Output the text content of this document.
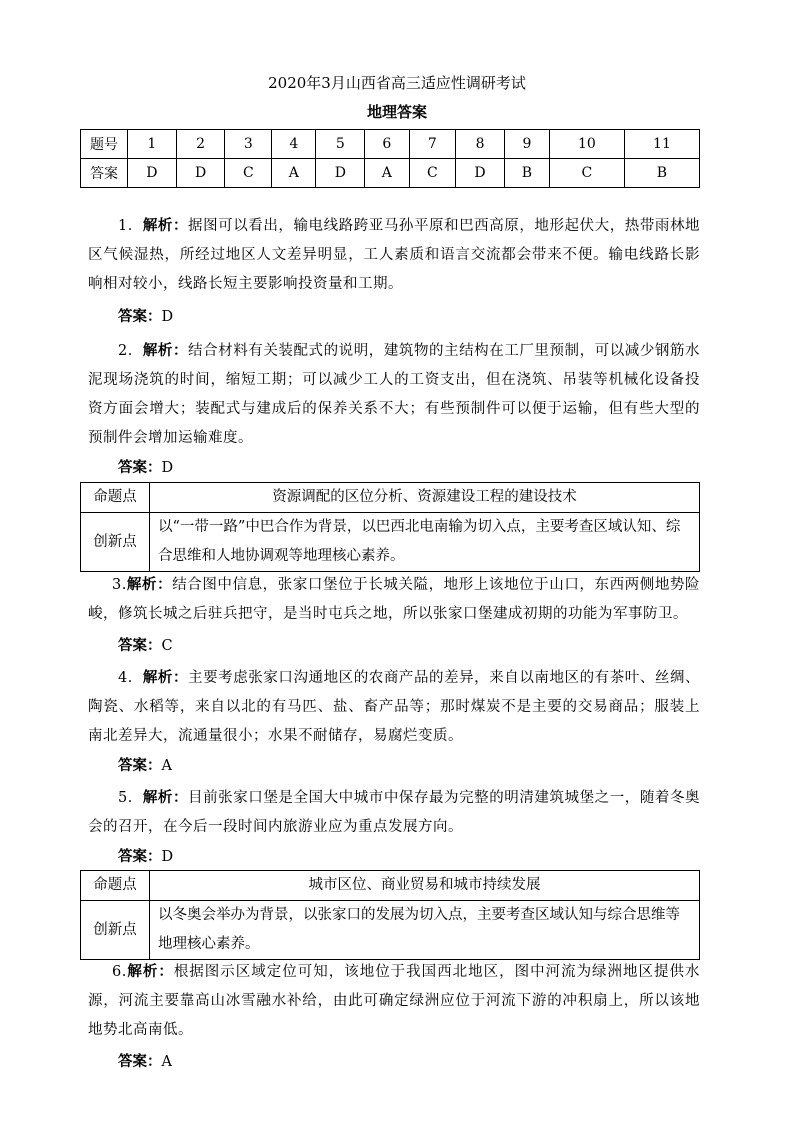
2020年3月山西省高三适应性调研考试
地理答案
题号	1	2	3	4	5	6	7	8	9	10	11
答案	D	D	C	A	D	A	C	D	B	C	B
1．解析：据图可以看出，输电线路跨亚马孙平原和巴西高原，地形起伏大，热带雨林地区气候湿热，所经过地区人文差异明显，工人素质和语言交流都会带来不便。输电线路长影响相对较小，线路长短主要影响投资量和工期。
答案：D
2．解析：结合材料有关装配式的说明，建筑物的主结构在工厂里预制，可以减少钢筋水泥现场浇筑的时间，缩短工期；可以减少工人的工资支出，但在浇筑、吊装等机械化设备投资方面会增大；装配式与建成后的保养关系不大；有些预制件可以便于运输，但有些大型的预制件会增加运输难度。
答案：D
命题点	资源调配的区位分析、资源建设工程的建设技术
创新点	以“一带一路”中巴合作为背景，以巴西北电南输为切入点，主要考查区域认知、综合思维和人地协调观等地理核心素养。
3.解析：结合图中信息，张家口堡位于长城关隘，地形上该地位于山口，东西两侧地势险峻，修筑长城之后驻兵把守，是当时屯兵之地，所以张家口堡建成初期的功能为军事防卫。
答案：C
4．解析：主要考虑张家口沟通地区的农商产品的差异，来自以南地区的有茶叶、丝绸、陶瓷、水稻等，来自以北的有马匹、盐、畜产品等；那时煤炭不是主要的交易商品；服装上南北差异大，流通量很小；水果不耐储存，易腐烂变质。
答案：A
5．解析：目前张家口堡是全国大中城市中保存最为完整的明清建筑城堡之一，随着冬奥会的召开，在今后一段时间内旅游业应为重点发展方向。
答案：D
命题点	城市区位、商业贸易和城市持续发展
创新点	以冬奥会举办为背景，以张家口的发展为切入点，主要考查区域认知与综合思维等地理核心素养。
6.解析：根据图示区域定位可知，该地位于我国西北地区，图中河流为绿洲地区提供水源，河流主要靠高山冰雪融水补给，由此可确定绿洲应位于河流下游的冲积扇上，所以该地地势北高南低。
答案：A
